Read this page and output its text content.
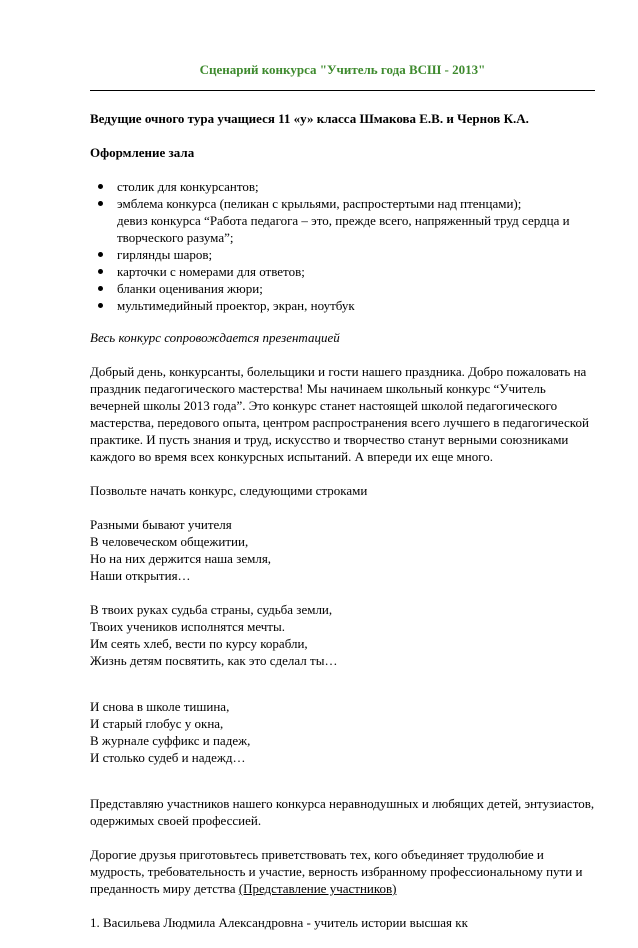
Сценарий конкурса "Учитель года ВСШ - 2013"

Ведущие очного тура учащиеся 11 «у» класса Шмакова Е.В. и Чернов К.А.

Оформление зала

столик для конкурсантов;
эмблема конкурса (пеликан с крыльями, распростертыми над птенцами);
девиз конкурса “Работа педагога – это, прежде всего, напряженный труд сердца и творческого разума”;
гирлянды шаров;
карточки с номерами для ответов;
бланки оценивания жюри;
мультимедийный проектор, экран, ноутбук

Весь конкурс сопровождается презентацией

Добрый день, конкурсанты, болельщики и гости нашего праздника. Добро пожаловать на праздник педагогического мастерства! Мы начинаем школьный конкурс “Учитель вечерней школы 2013 года”. Это конкурс станет настоящей школой педагогического мастерства, передового опыта, центром распространения всего лучшего в педагогической практике. И пусть знания и труд, искусство и творчество станут верными союзниками каждого во время всех конкурсных испытаний. А впереди их еще много.

Позвольте начать конкурс, следующими строками

Разными бывают учителя
В человеческом общежитии,
Но на них держится наша земля,
Наши открытия…

В твоих руках судьба страны, судьба земли,
Твоих учеников исполнятся мечты.
Им сеять хлеб, вести по курсу корабли,
Жизнь детям посвятить, как это сделал ты…

И снова в школе тишина,
И старый глобус у окна,
В журнале суффикс и падеж,
И столько судеб и надежд…

Представляю участников нашего конкурса неравнодушных и любящих детей, энтузиастов, одержимых своей профессией.

Дорогие друзья приготовьтесь приветствовать тех, кого объединяет трудолюбие и мудрость, требовательность и участие, верность избранному профессиональному пути и преданность миру детства (Представление участников)

1. Васильева Людмила Александровна - учитель истории высшая кк
